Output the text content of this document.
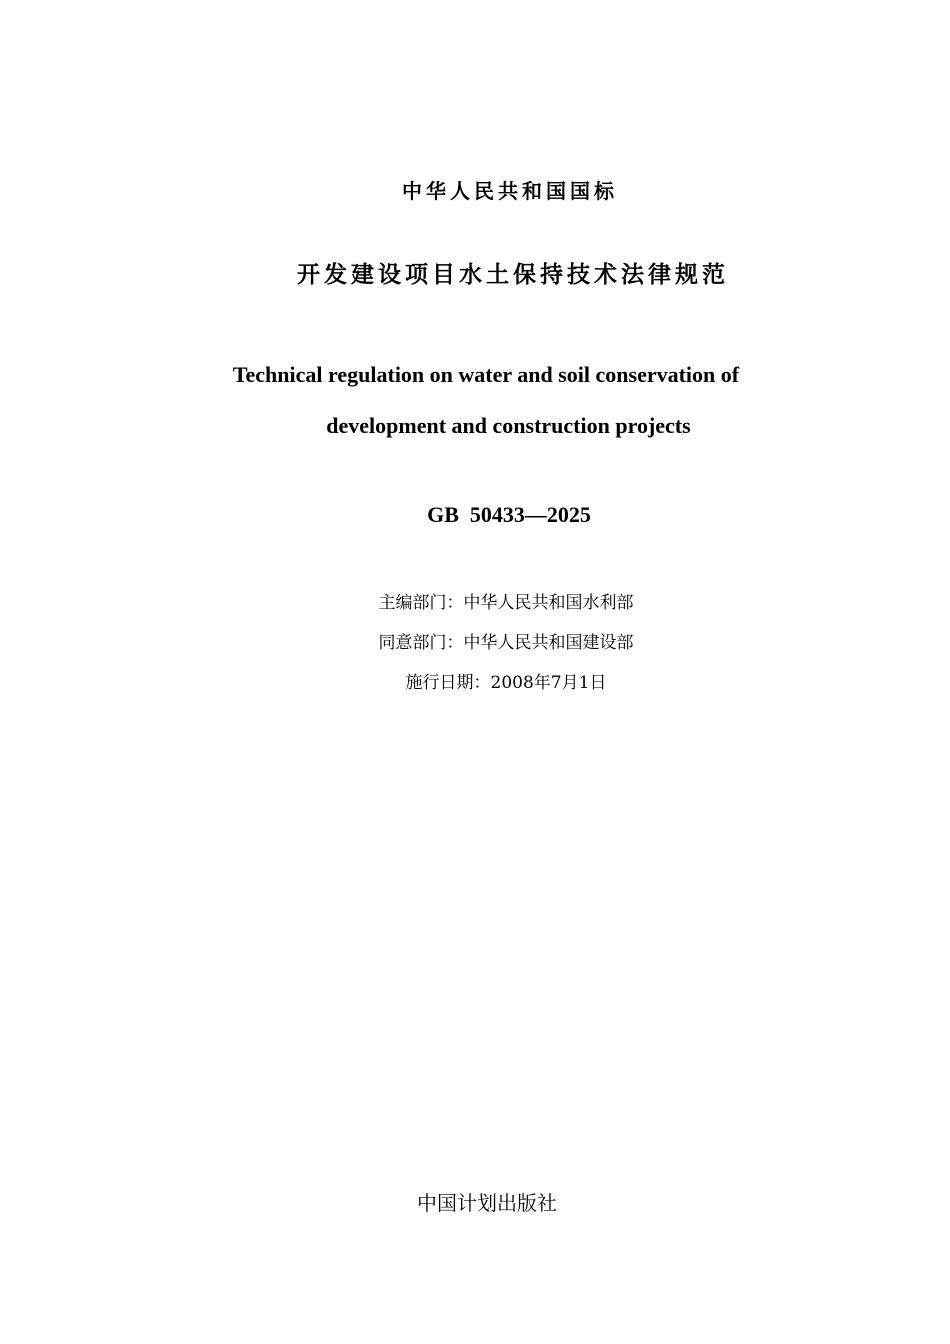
中华人民共和国国标
开发建设项目水土保持技术法律规范
Technical regulation on water and soil conservation of
development and construction projects
GB  50433—2025
主编部门：中华人民共和国水利部
同意部门：中华人民共和国建设部
施行日期：2008年7月1日
中国计划出版社
